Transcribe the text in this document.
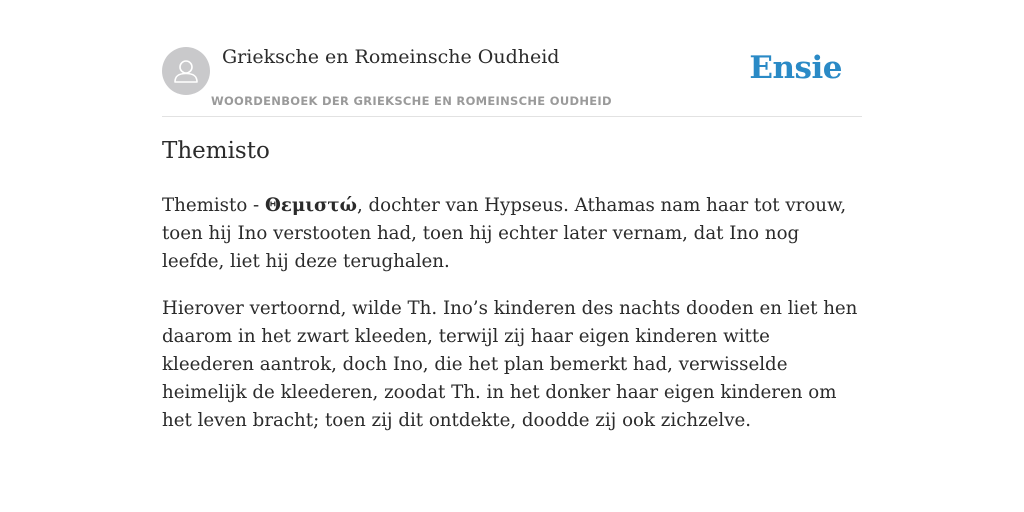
Grieksche en Romeinsche Oudheid
WOORDENBOEK DER GRIEKSCHE EN ROMEINSCHE OUDHEID
Ensie
Themisto

Themisto - Θεμιστώ, dochter van Hypseus. Athamas nam haar tot vrouw, toen hij Ino verstooten had, toen hij echter later vernam, dat Ino nog leefde, liet hij deze terughalen.

Hierover vertoornd, wilde Th. Ino’s kinderen des nachts dooden en liet hen daarom in het zwart kleeden, terwijl zij haar eigen kinderen witte kleederen aantrok, doch Ino, die het plan bemerkt had, verwisselde heimelijk de kleederen, zoodat Th. in het donker haar eigen kinderen om het leven bracht; toen zij dit ontdekte, doodde zij ook zichzelve.
